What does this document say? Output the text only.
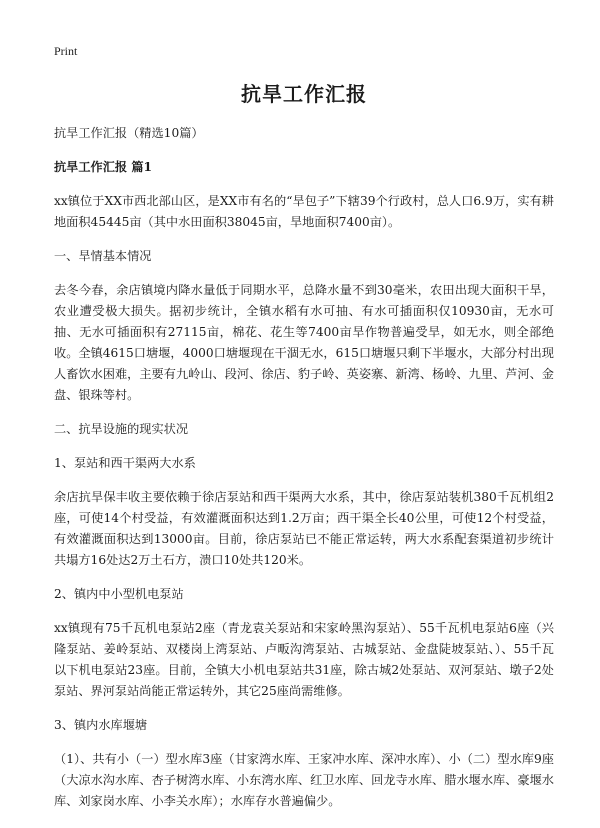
Print
抗旱工作汇报
抗旱工作汇报（精选10篇）
抗旱工作汇报 篇1
xx镇位于XX市西北部山区，是XX市有名的“旱包子”下辖39个行政村，总人口6.9万，实有耕地面积45445亩（其中水田面积38045亩，旱地面积7400亩）。
一、旱情基本情况
去冬今春，余店镇境内降水量低于同期水平，总降水量不到30毫米，农田出现大面积干旱，农业遭受极大损失。据初步统计，全镇水稻有水可抽、有水可插面积仅10930亩，无水可抽、无水可插面积有27115亩，棉花、花生等7400亩旱作物普遍受旱，如无水，则全部绝收。全镇4615口塘堰，4000口塘堰现在干涸无水，615口塘堰只剩下半堰水，大部分村出现人畜饮水困难，主要有九岭山、段河、徐店、豹子岭、英姿寨、新湾、杨岭、九里、芦河、金盘、银珠等村。
二、抗旱设施的现实状况
1、泵站和西干渠两大水系
余店抗旱保丰收主要依赖于徐店泵站和西干渠两大水系，其中，徐店泵站装机380千瓦机组2座，可使14个村受益，有效灌溉面积达到1.2万亩；西干渠全长40公里，可使12个村受益，有效灌溉面积达到13000亩。目前，徐店泵站已不能正常运转，两大水系配套渠道初步统计共塌方16处达2万土石方，溃口10处共120米。
2、镇内中小型机电泵站
xx镇现有75千瓦机电泵站2座（青龙袁关泵站和宋家岭黑沟泵站）、55千瓦机电泵站6座（兴隆泵站、姜岭泵站、双楼岗上湾泵站、卢畈沟湾泵站、古城泵站、金盘陡坡泵站、）、55千瓦以下机电泵站23座。目前，全镇大小机电泵站共31座，除古城2处泵站、双河泵站、墩子2处泵站、界河泵站尚能正常运转外，其它25座尚需维修。
3、镇内水库堰塘
（1）、共有小（一）型水库3座（甘家湾水库、王家冲水库、深冲水库）、小（二）型水库9座（大凉水沟水库、杏子树湾水库、小东湾水库、红卫水库、回龙寺水库、腊水堰水库、豪堰水库、刘家岗水库、小李关水库）；水库存水普遍偏少。
